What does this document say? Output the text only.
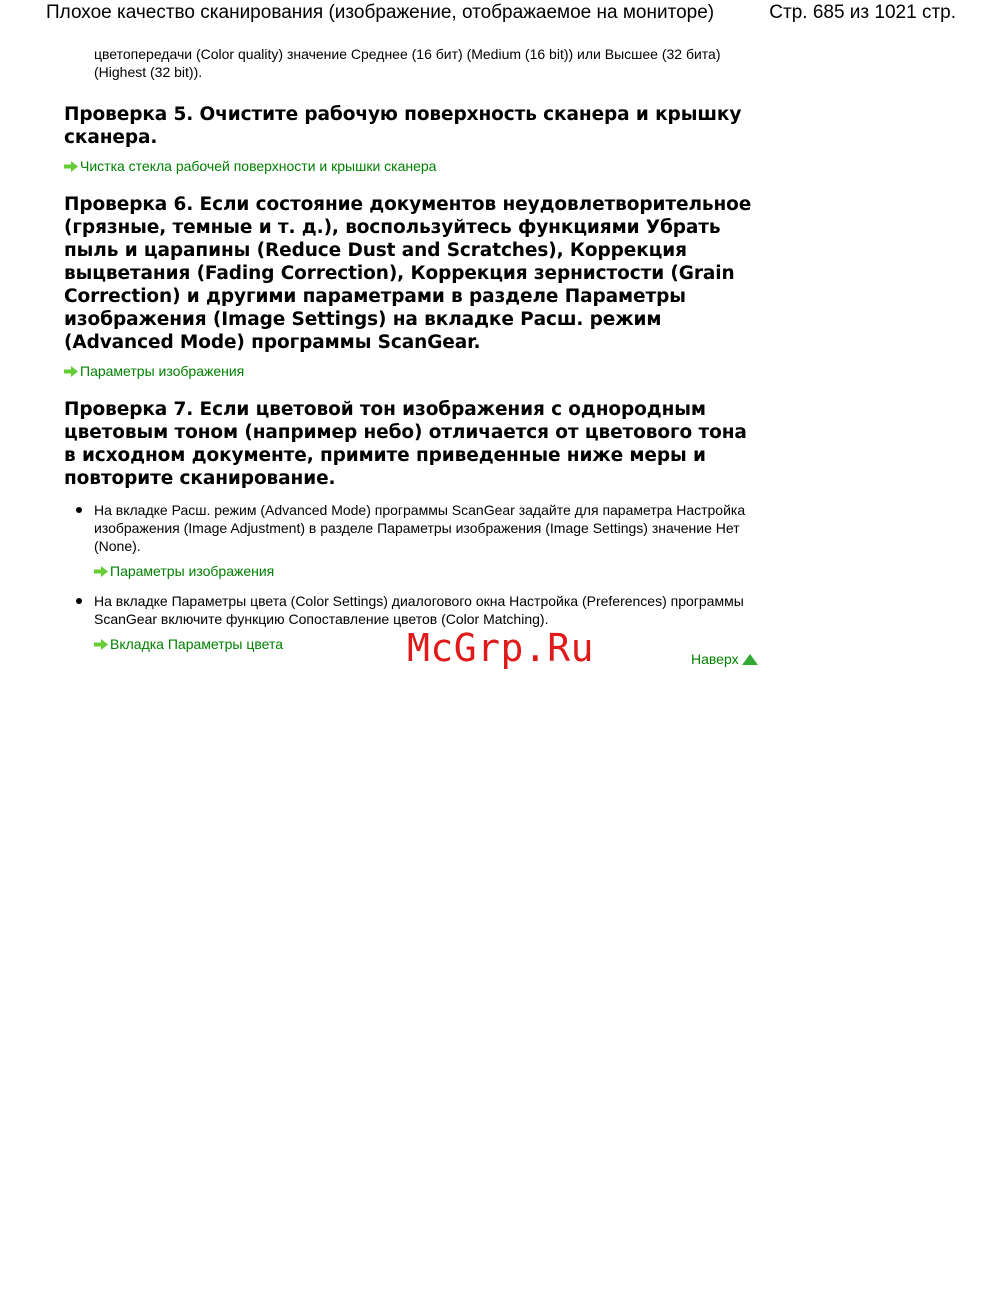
Плохое качество сканирования (изображение, отображаемое на мониторе)	Стр. 685 из 1021 стр.
цветопередачи (Color quality) значение Среднее (16 бит) (Medium (16 bit)) или Высшее (32 бита) (Highest (32 bit)).
Проверка 5. Очистите рабочую поверхность сканера и крышку сканера.
Чистка стекла рабочей поверхности и крышки сканера
Проверка 6. Если состояние документов неудовлетворительное (грязные, темные и т. д.), воспользуйтесь функциями Убрать пыль и царапины (Reduce Dust and Scratches), Коррекция выцветания (Fading Correction), Коррекция зернистости (Grain Correction) и другими параметрами в разделе Параметры изображения (Image Settings) на вкладке Расш. режим (Advanced Mode) программы ScanGear.
Параметры изображения
Проверка 7. Если цветовой тон изображения с однородным цветовым тоном (например небо) отличается от цветового тона в исходном документе, примите приведенные ниже меры и повторите сканирование.
На вкладке Расш. режим (Advanced Mode) программы ScanGear задайте для параметра Настройка изображения (Image Adjustment) в разделе Параметры изображения (Image Settings) значение Нет (None).
Параметры изображения
На вкладке Параметры цвета (Color Settings) диалогового окна Настройка (Preferences) программы ScanGear включите функцию Сопоставление цветов (Color Matching).
Вкладка Параметры цвета	McGrp.Ru	Наверх
